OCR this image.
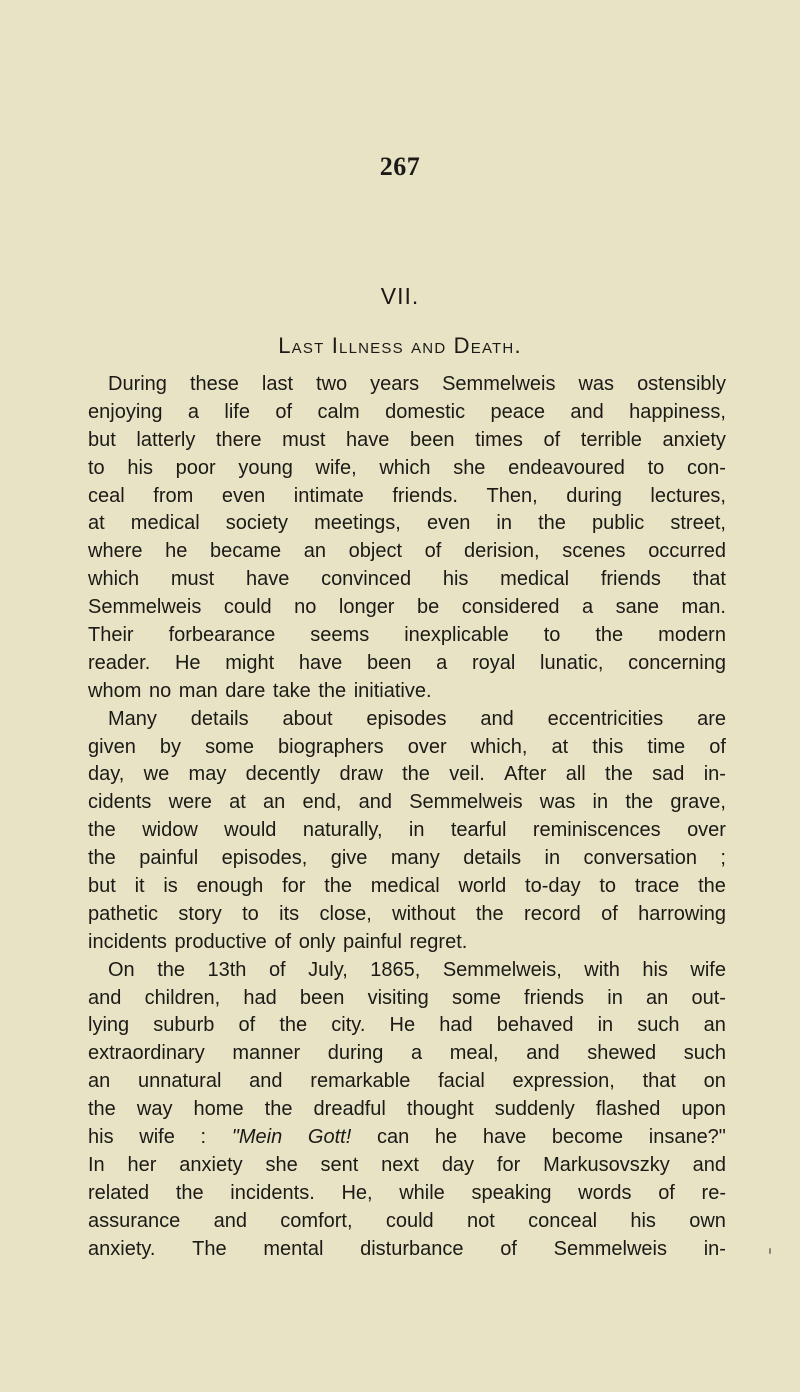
267
VII.
Last Illness and Death.
During these last two years Semmelweis was ostensibly
enjoying a life of calm domestic peace and happiness,
but latterly there must have been times of terrible anxiety
to his poor young wife, which she endeavoured to con-
ceal from even intimate friends. Then, during lectures,
at medical society meetings, even in the public street,
where he became an object of derision, scenes occurred
which must have convinced his medical friends that
Semmelweis could no longer be considered a sane man.
Their forbearance seems inexplicable to the modern
reader. He might have been a royal lunatic, concerning
whom no man dare take the initiative.
Many details about episodes and eccentricities are
given by some biographers over which, at this time of
day, we may decently draw the veil. After all the sad in-
cidents were at an end, and Semmelweis was in the grave,
the widow would naturally, in tearful reminiscences over
the painful episodes, give many details in conversation ;
but it is enough for the medical world to-day to trace the
pathetic story to its close, without the record of harrowing
incidents productive of only painful regret.
On the 13th of July, 1865, Semmelweis, with his wife
and children, had been visiting some friends in an out-
lying suburb of the city. He had behaved in such an
extraordinary manner during a meal, and shewed such
an unnatural and remarkable facial expression, that on
the way home the dreadful thought suddenly flashed upon
his wife : "Mein Gott! can he have become insane?"
In her anxiety she sent next day for Markusovszky and
related the incidents. He, while speaking words of re-
assurance and comfort, could not conceal his own
anxiety. The mental disturbance of Semmelweis in-
